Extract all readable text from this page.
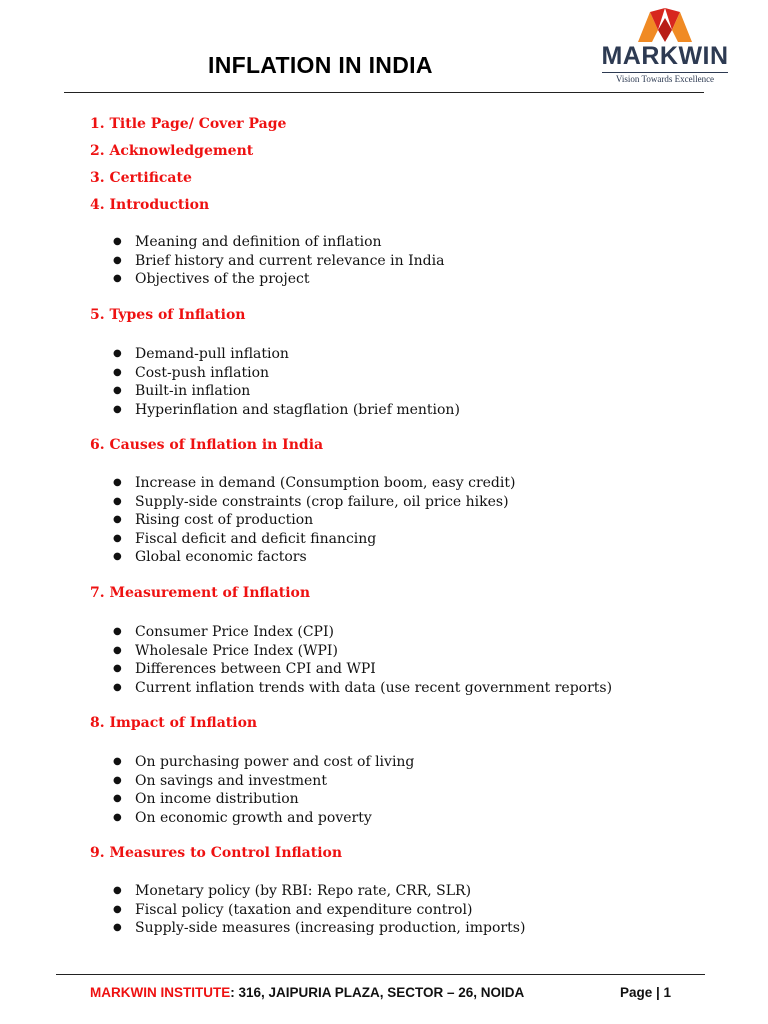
INFLATION IN INDIA	MARKWIN
Vision Towards Excellence
1. Title Page/ Cover Page
2. Acknowledgement
3. Certificate
4. Introduction
● Meaning and definition of inflation
● Brief history and current relevance in India
● Objectives of the project
5. Types of Inflation
● Demand-pull inflation
● Cost-push inflation
● Built-in inflation
● Hyperinflation and stagflation (brief mention)
6. Causes of Inflation in India
● Increase in demand (Consumption boom, easy credit)
● Supply-side constraints (crop failure, oil price hikes)
● Rising cost of production
● Fiscal deficit and deficit financing
● Global economic factors
7. Measurement of Inflation
● Consumer Price Index (CPI)
● Wholesale Price Index (WPI)
● Differences between CPI and WPI
● Current inflation trends with data (use recent government reports)
8. Impact of Inflation
● On purchasing power and cost of living
● On savings and investment
● On income distribution
● On economic growth and poverty
9. Measures to Control Inflation
● Monetary policy (by RBI: Repo rate, CRR, SLR)
● Fiscal policy (taxation and expenditure control)
● Supply-side measures (increasing production, imports)
MARKWIN INSTITUTE: 316, JAIPURIA PLAZA, SECTOR – 26, NOIDA	Page | 1
